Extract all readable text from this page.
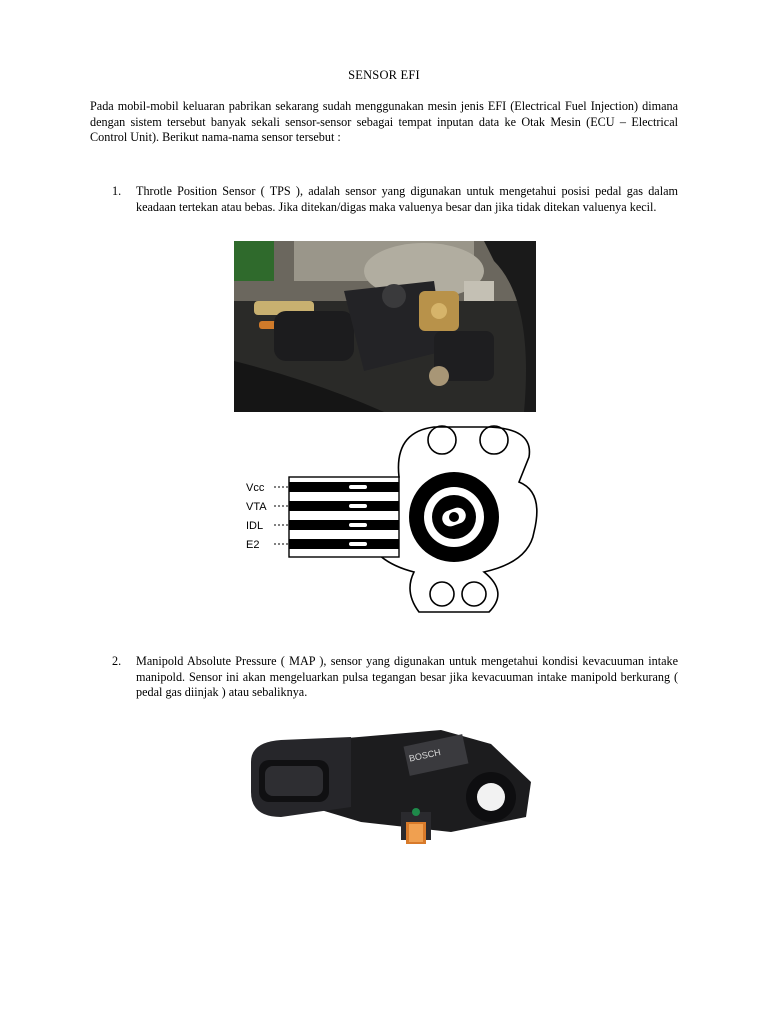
SENSOR EFI
Pada mobil-mobil keluaran pabrikan sekarang sudah menggunakan mesin jenis EFI (Electrical Fuel Injection) dimana dengan sistem tersebut banyak sekali sensor-sensor sebagai tempat inputan data ke Otak Mesin (ECU – Electrical Control Unit). Berikut nama-nama sensor tersebut :
1. Throtle Position Sensor ( TPS ), adalah sensor yang digunakan untuk mengetahui posisi pedal gas dalam keadaan tertekan atau bebas. Jika ditekan/digas maka valuenya besar dan jika tidak ditekan valuenya kecil.
Vcc
VTA
IDL
E2
2. Manipold Absolute Pressure ( MAP ), sensor yang digunakan untuk mengetahui kondisi kevacuuman intake manipold. Sensor ini akan mengeluarkan pulsa tegangan besar jika kevacuuman intake manipold berkurang ( pedal gas diinjak ) atau sebaliknya.
BOSCH
